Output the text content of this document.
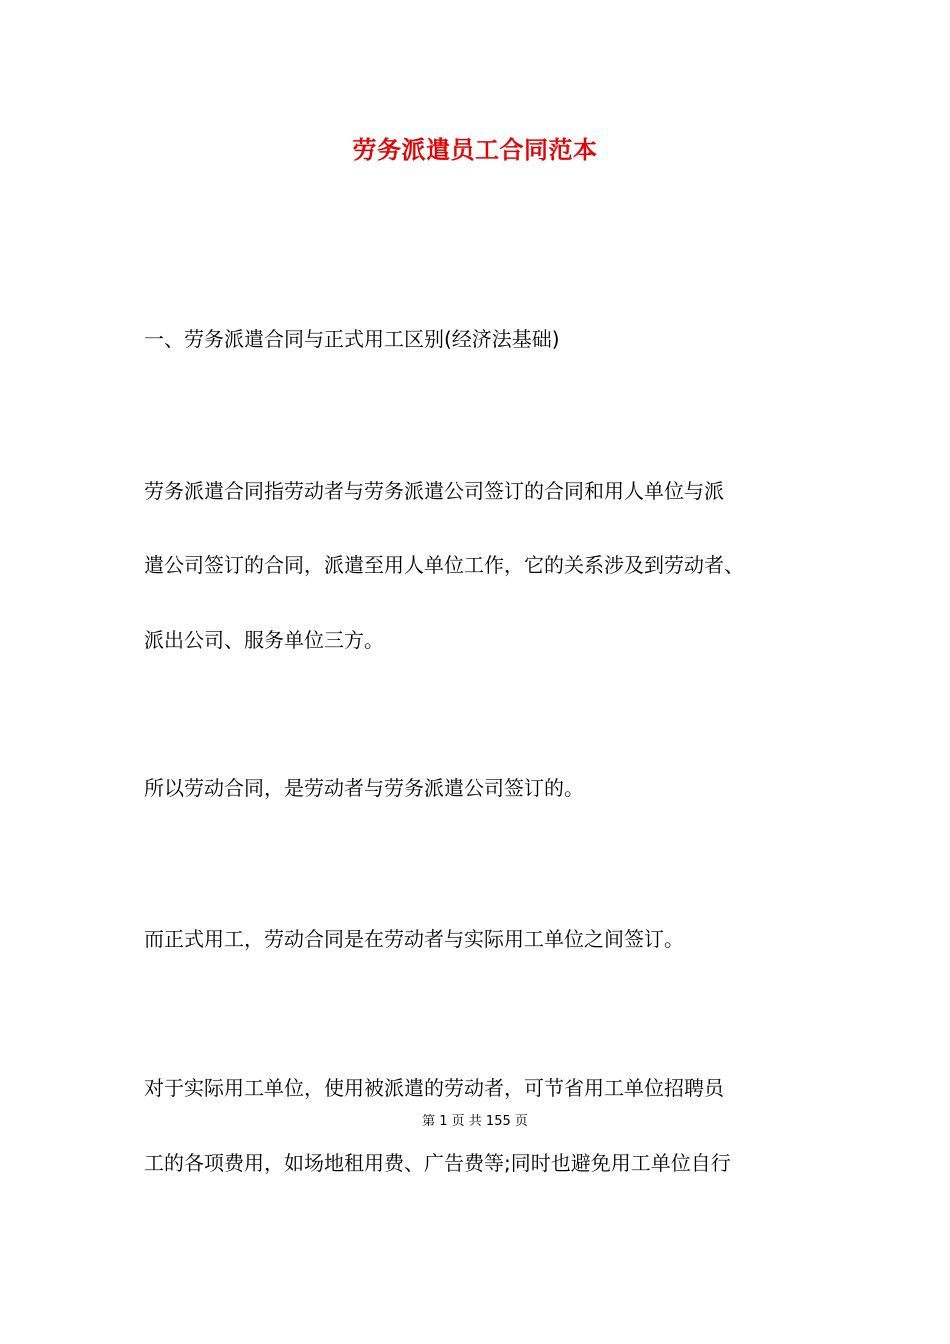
劳务派遣员工合同范本
一、劳务派遣合同与正式用工区别(经济法基础)
劳务派遣合同指劳动者与劳务派遣公司签订的合同和用人单位与派
遣公司签订的合同，派遣至用人单位工作，它的关系涉及到劳动者、
派出公司、服务单位三方。
所以劳动合同，是劳动者与劳务派遣公司签订的。
而正式用工，劳动合同是在劳动者与实际用工单位之间签订。
对于实际用工单位，使用被派遣的劳动者，可节省用工单位招聘员
第 1 页 共 155 页
工的各项费用，如场地租用费、广告费等;同时也避免用工单位自行
